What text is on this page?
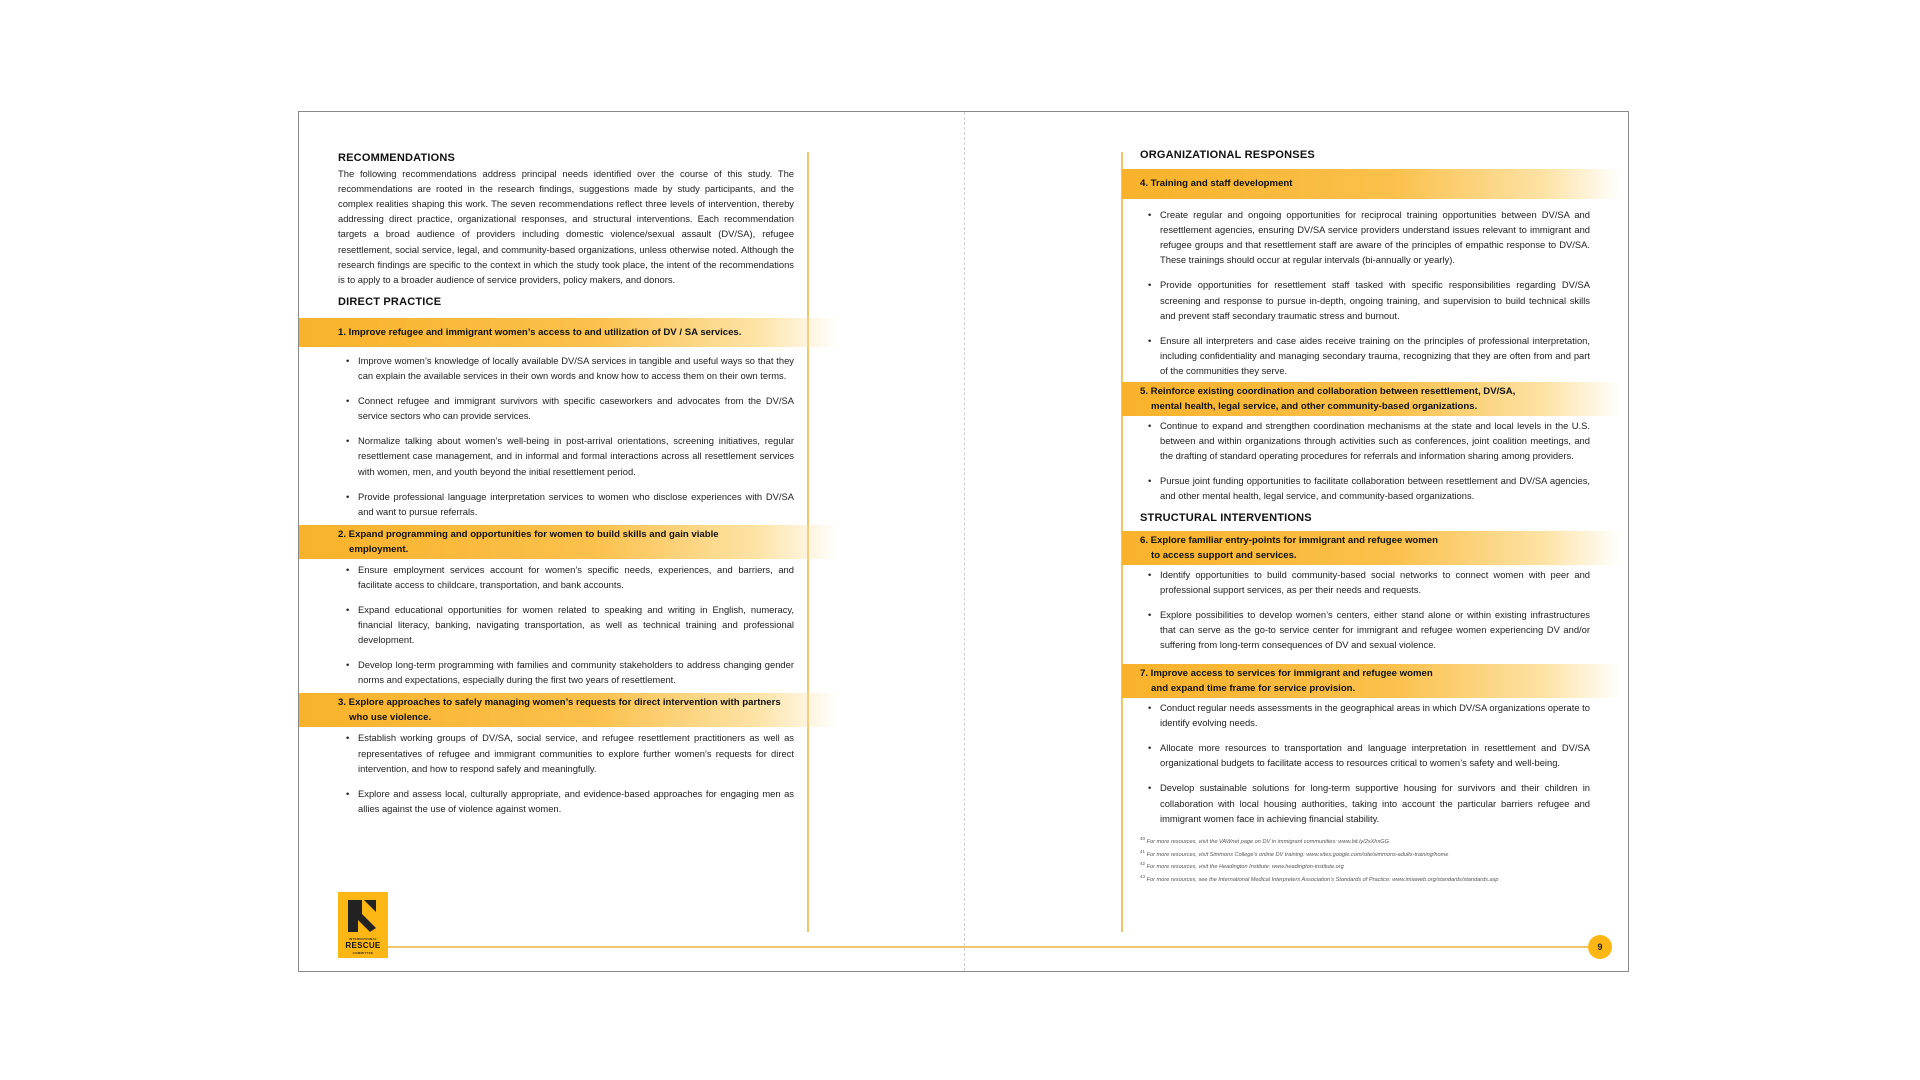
RECOMMENDATIONS

The following recommendations address principal needs identified over the course of this study. The recommendations are rooted in the research findings, suggestions made by study participants, and the complex realities shaping this work. The seven recommendations reflect three levels of intervention, thereby addressing direct practice, organizational responses, and structural interventions. Each recommendation targets a broad audience of providers including domestic violence/sexual assault (DV/SA), refugee resettlement, social service, legal, and community-based organizations, unless otherwise noted. Although the research findings are specific to the context in which the study took place, the intent of the recommendations is to apply to a broader audience of service providers, policy makers, and donors.

DIRECT PRACTICE
1. Improve refugee and immigrant women’s access to and utilization of DV / SA services.
• Improve women’s knowledge of locally available DV/SA services in tangible and useful ways so that they can explain the available services in their own words and know how to access them on their own terms.
• Connect refugee and immigrant survivors with specific caseworkers and advocates from the DV/SA service sectors who can provide services.
• Normalize talking about women’s well-being in post-arrival orientations, screening initiatives, regular resettlement case management, and in informal and formal interactions across all resettlement services with women, men, and youth beyond the initial resettlement period.
• Provide professional language interpretation services to women who disclose experiences with DV/SA and want to pursue referrals.
2. Expand programming and opportunities for women to build skills and gain viable
employment.
• Ensure employment services account for women’s specific needs, experiences, and barriers, and facilitate access to childcare, transportation, and bank accounts.
• Expand educational opportunities for women related to speaking and writing in English, numeracy, financial literacy, banking, navigating transportation, as well as technical training and professional development.
• Develop long-term programming with families and community stakeholders to address changing gender norms and expectations, especially during the first two years of resettlement.
3. Explore approaches to safely managing women’s requests for direct intervention with partners
who use violence.
• Establish working groups of DV/SA, social service, and refugee resettlement practitioners as well as representatives of refugee and immigrant communities to explore further women’s requests for direct intervention, and how to respond safely and meaningfully.
• Explore and assess local, culturally appropriate, and evidence-based approaches for engaging men as allies against the use of violence against women.
INTERNATIONAL
RESCUE
COMMITTEE
ORGANIZATIONAL RESPONSES
4. Training and staff development
• Create regular and ongoing opportunities for reciprocal training opportunities between DV/SA and resettlement agencies, ensuring DV/SA service providers understand issues relevant to immigrant and refugee groups and that resettlement staff are aware of the principles of empathic response to DV/SA. These trainings should occur at regular intervals (bi-annually or yearly).
• Provide opportunities for resettlement staff tasked with specific responsibilities regarding DV/SA screening and response to pursue in-depth, ongoing training, and supervision to build technical skills and prevent staff secondary traumatic stress and burnout.
• Ensure all interpreters and case aides receive training on the principles of professional interpretation, including confidentiality and managing secondary trauma, recognizing that they are often from and part of the communities they serve.
5. Reinforce existing coordination and collaboration between resettlement, DV/SA,
mental health, legal service, and other community-based organizations.
• Continue to expand and strengthen coordination mechanisms at the state and local levels in the U.S. between and within organizations through activities such as conferences, joint coalition meetings, and the drafting of standard operating procedures for referrals and information sharing among providers.
• Pursue joint funding opportunities to facilitate collaboration between resettlement and DV/SA agencies, and other mental health, legal service, and community-based organizations.
STRUCTURAL INTERVENTIONS
6. Explore familiar entry-points for immigrant and refugee women
to access support and services.
• Identify opportunities to build community-based social networks to connect women with peer and professional support services, as per their needs and requests.
• Explore possibilities to develop women’s centers, either stand alone or within existing infrastructures that can serve as the go-to service center for immigrant and refugee women experiencing DV and/or suffering from long-term consequences of DV and sexual violence.
7. Improve access to services for immigrant and refugee women
and expand time frame for service provision.
• Conduct regular needs assessments in the geographical areas in which DV/SA organizations operate to identify evolving needs.
• Allocate more resources to transportation and language interpretation in resettlement and DV/SA organizational budgets to facilitate access to resources critical to women’s safety and well-being.
• Develop sustainable solutions for long-term supportive housing for survivors and their children in collaboration with local housing authorities, taking into account the particular barriers refugee and immigrant women face in achieving financial stability.
$^{40}$ For more resources, visit the VAWnet page on DV in immigrant communities: www.bit.ly/2sXhxGG
$^{41}$ For more resources, visit Simmons College’s online DV training: www.sites.google.com/site/simmons-adults-training/home
$^{42}$ For more resources, visit the Headington Institute: www.headington-institute.org
$^{43}$ For more resources, see the International Medical Interpreters Association’s Standards of Practice: www.imiaweb.org/standards/standards.asp
9
